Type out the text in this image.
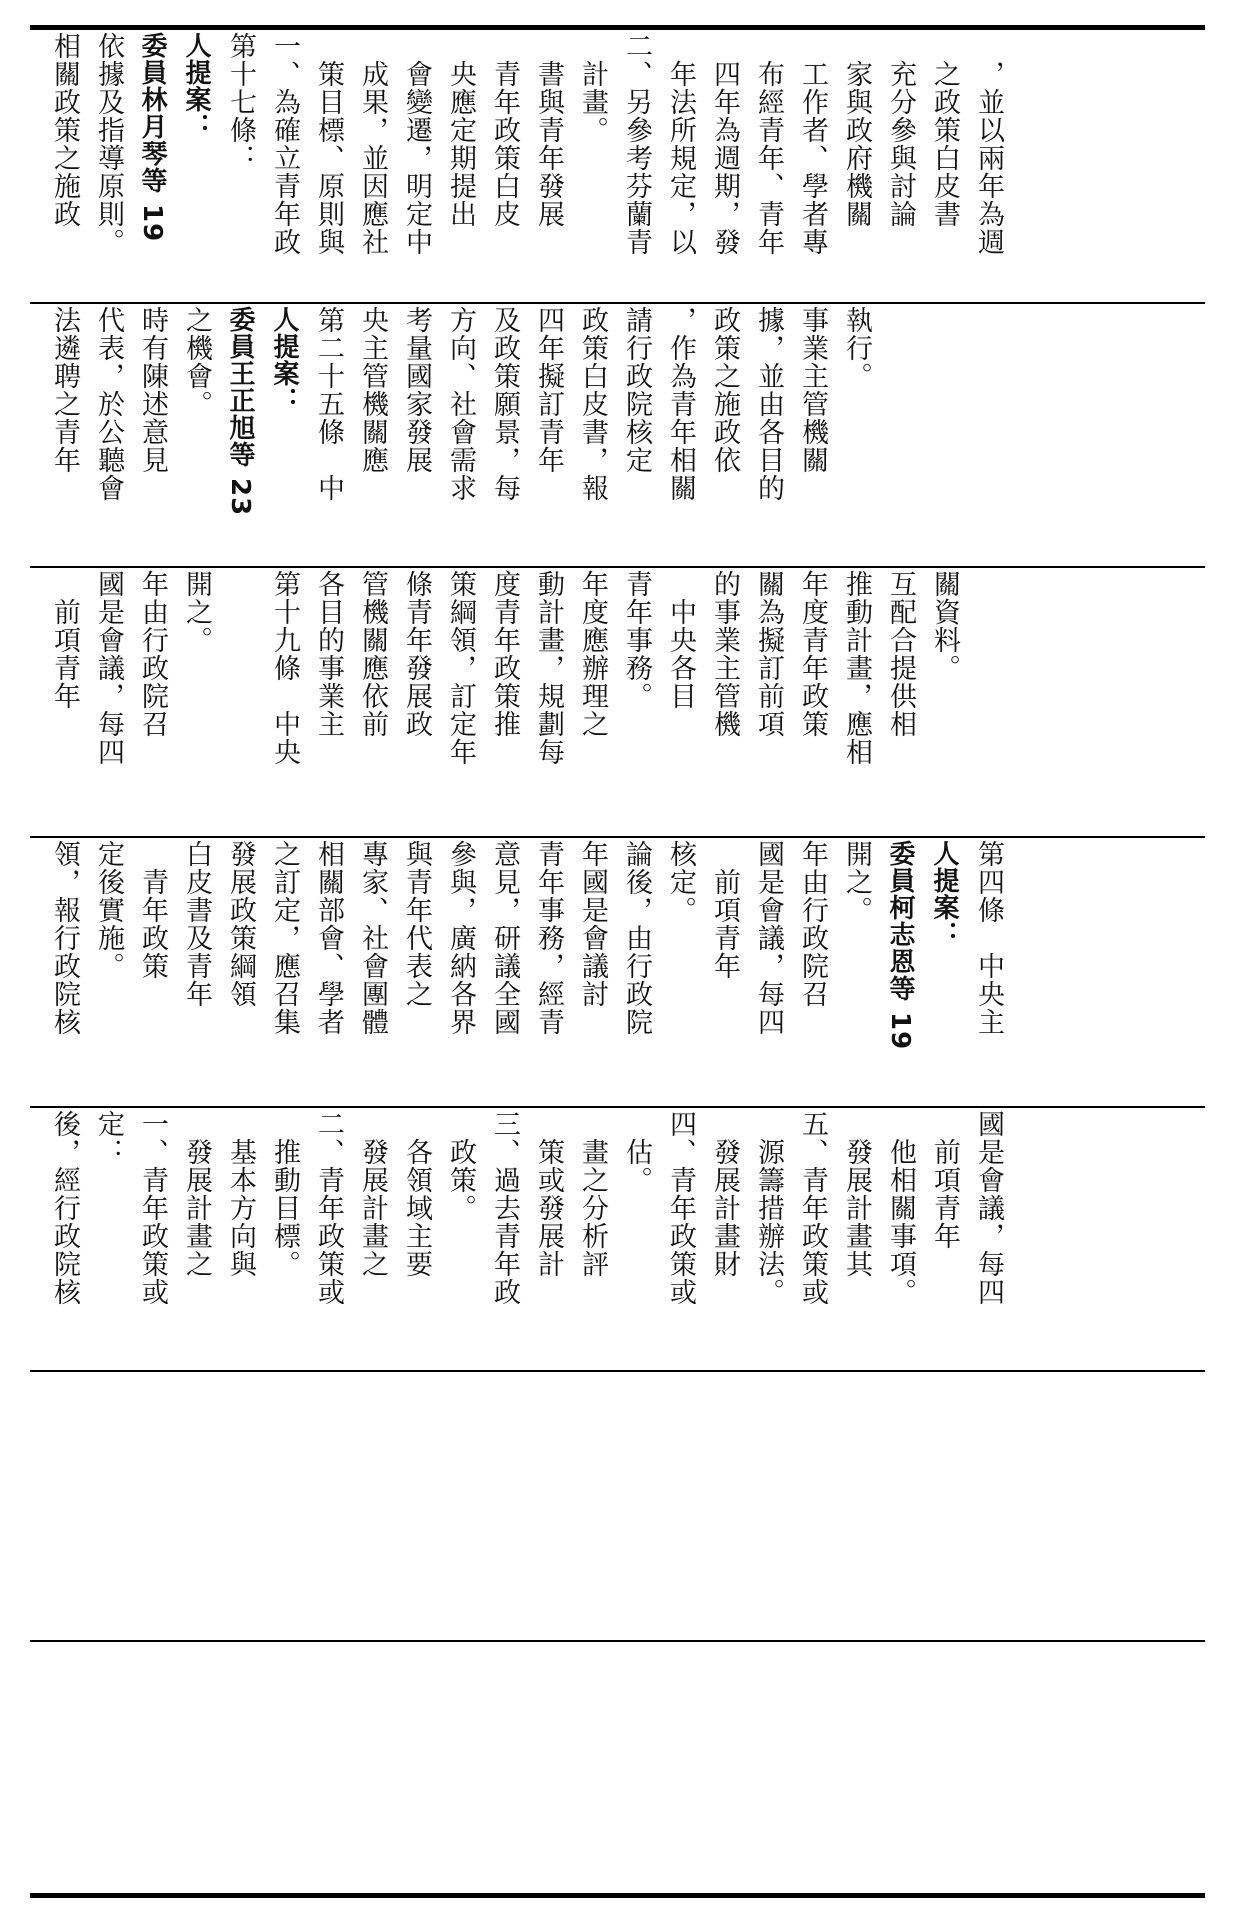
相關政策之施政 依據及指導原則。 委員林月琴等 19 人提案： 第十七條： 一、為確立青年政 　策目標、原則與 　成果，並因應社 　會變遷，明定中 　央應定期提出 　青年政策白皮 　書與青年發展 　計畫。 二、另參考芬蘭青 　年法所規定，以 　四年為週期，發 　布經青年、青年 　工作者、學者專 　家與政府機關 　充分參與討論 　之政策白皮書 　，並以兩年為週
法遴聘之青年 代表，於公聽會 時有陳述意見 之機會。 委員王正旭等 23 人提案： 第二十五條　中 央主管機關應 考量國家發展 方向、社會需求 及政策願景，每 四年擬訂青年 政策白皮書，報 請行政院核定 ，作為青年相關 政策之施政依 據，並由各目的 事業主管機關 執行。
　前項青年 國是會議，每四 年由行政院召 開之。 第十九條　中央 各目的事業主 管機關應依前 條青年發展政 策綱領，訂定年 度青年政策推 動計畫，規劃每 年度應辦理之 青年事務。 　中央各目 的事業主管機 關為擬訂前項 年度青年政策 推動計畫，應相 互配合提供相 關資料。
領，報行政院核 定後實施。 　青年政策 白皮書及青年 發展政策綱領 之訂定，應召集 相關部會、學者 專家、社會團體 與青年代表之 參與，廣納各界 意見，研議全國 青年事務，經青 年國是會議討 論後，由行政院 核定。 　前項青年 國是會議，每四 年由行政院召 開之。 委員柯志恩等 19 人提案： 第四條　中央主
後，經行政院核 定： 一、青年政策或 　發展計畫之 　基本方向與 　推動目標。 二、青年政策或 　發展計畫之 　各領域主要 　政策。 三、過去青年政 　策或發展計 　畫之分析評 　估。 四、青年政策或 　發展計畫財 　源籌措辦法。 五、青年政策或 　發展計畫其 　他相關事項。 　前項青年 國是會議，每四
